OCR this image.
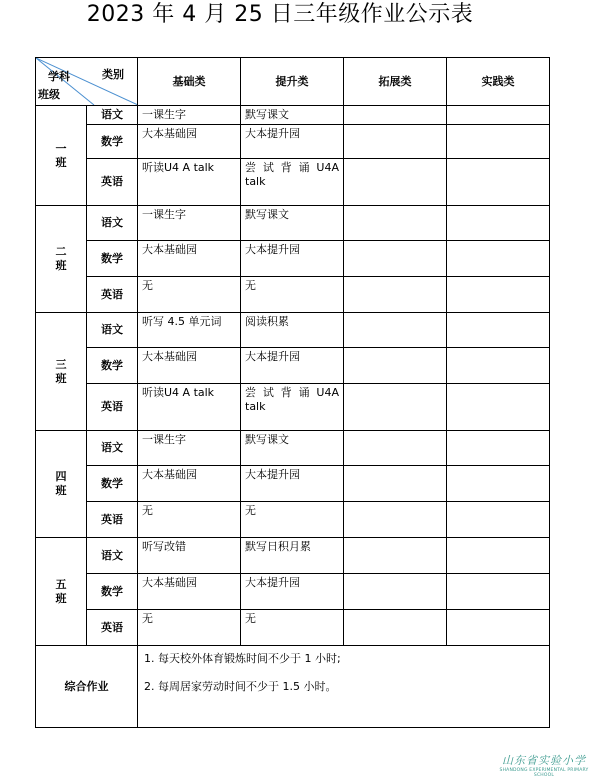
2023 年 4 月 25 日三年级作业公示表
类别
学科
班级		基础类	提升类	拓展类	实践类

一
班	语文	一课生字	默写课文		
	数学	大本基础园	大本提升园		
	英语	听读U4 A talk	尝 试 背 诵 U4A
talk		

二
班	语文	一课生字	默写课文		
	数学	大本基础园	大本提升园		
	英语	无	无		

三
班	语文	听写 4.5 单元词	阅读积累		
	数学	大本基础园	大本提升园		
	英语	听读U4 A talk	尝 试 背 诵 U4A
talk		

四
班	语文	一课生字	默写课文		
	数学	大本基础园	大本提升园		
	英语	无	无		

五
班	语文	听写改错	默写日积月累		
	数学	大本基础园	大本提升园		
	英语	无	无		
综合作业		1. 每天校外体育锻炼时间不少于 1 小时;
2. 每周居家劳动时间不少于 1.5 小时。			
山东省实验小学
SHANDONG EXPERIMENTAL PRIMARY SCHOOL
